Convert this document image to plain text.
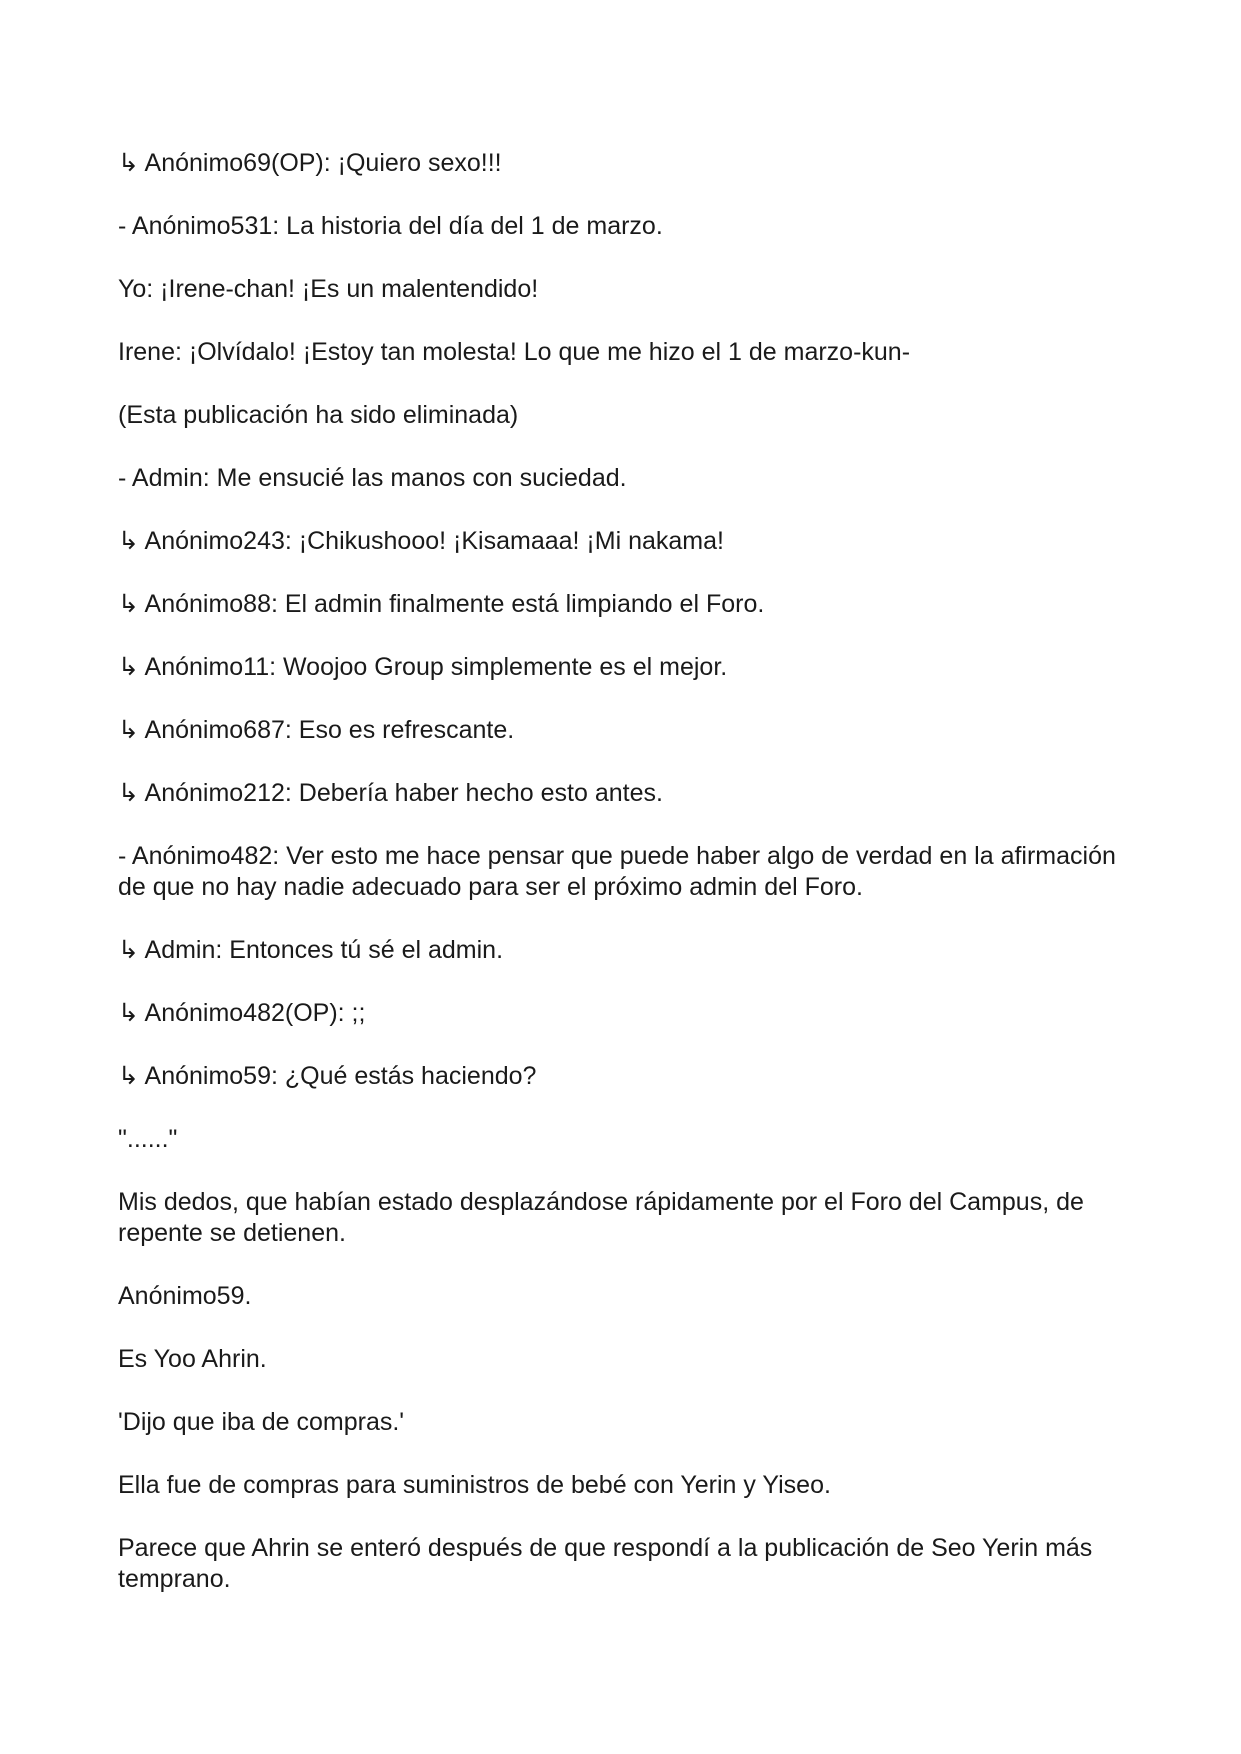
↳ Anónimo69(OP): ¡Quiero sexo!!!

- Anónimo531: La historia del día del 1 de marzo.

Yo: ¡Irene-chan! ¡Es un malentendido!

Irene: ¡Olvídalo! ¡Estoy tan molesta! Lo que me hizo el 1 de marzo-kun-

(Esta publicación ha sido eliminada)

- Admin: Me ensucié las manos con suciedad.

↳ Anónimo243: ¡Chikushooo! ¡Kisamaaa! ¡Mi nakama!

↳ Anónimo88: El admin finalmente está limpiando el Foro.

↳ Anónimo11: Woojoo Group simplemente es el mejor.

↳ Anónimo687: Eso es refrescante.

↳ Anónimo212: Debería haber hecho esto antes.

- Anónimo482: Ver esto me hace pensar que puede haber algo de verdad en la afirmación de que no hay nadie adecuado para ser el próximo admin del Foro.

↳ Admin: Entonces tú sé el admin.

↳ Anónimo482(OP): ;;

↳ Anónimo59: ¿Qué estás haciendo?

"......"

Mis dedos, que habían estado desplazándose rápidamente por el Foro del Campus, de repente se detienen.

Anónimo59.

Es Yoo Ahrin.

'Dijo que iba de compras.'

Ella fue de compras para suministros de bebé con Yerin y Yiseo.

Parece que Ahrin se enteró después de que respondí a la publicación de Seo Yerin más temprano.
